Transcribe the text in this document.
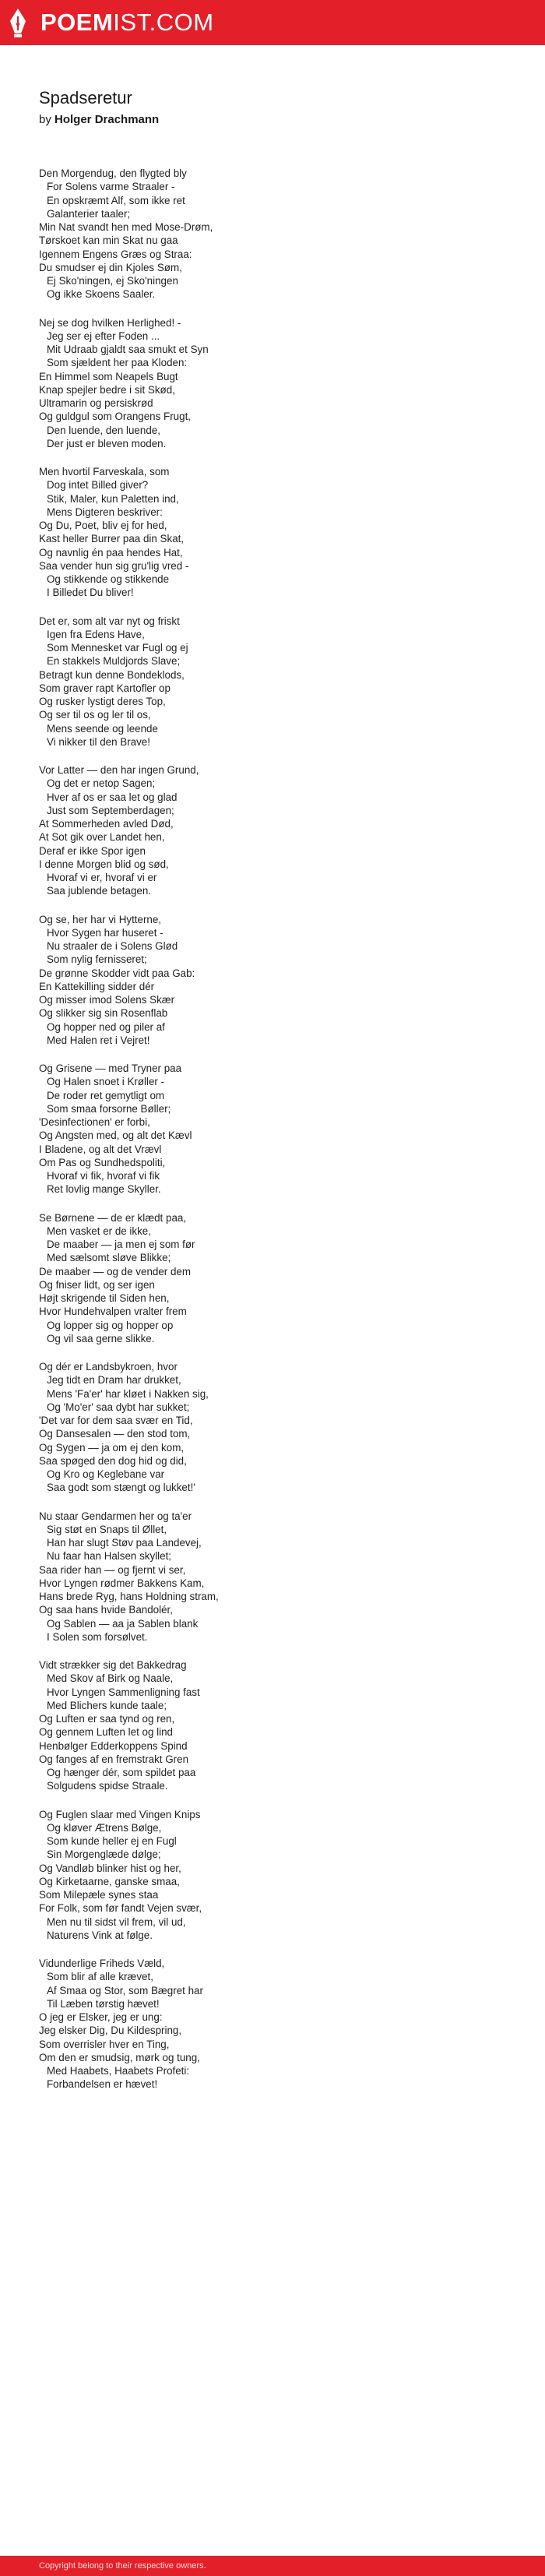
POEMIST.COM
Spadseretur
by Holger Drachmann
Den Morgendug, den flygted bly
For Solens varme Straaler -
En opskræmt Alf, som ikke ret
Galanterier taaler;
Min Nat svandt hen med Mose-Drøm,
Tørskoet kan min Skat nu gaa
Igennem Engens Græs og Straa:
Du smudser ej din Kjoles Søm,
Ej Sko'ningen, ej Sko'ningen
Og ikke Skoens Saaler.
Nej se dog hvilken Herlighed! -
Jeg ser ej efter Foden ...
Mit Udraab gjaldt saa smukt et Syn
Som sjældent her paa Kloden:
En Himmel som Neapels Bugt
Knap spejler bedre i sit Skød,
Ultramarin og persiskrød
Og guldgul som Orangens Frugt,
Den luende, den luende,
Der just er bleven moden.
Men hvortil Farveskala, som
Dog intet Billed giver?
Stik, Maler, kun Paletten ind,
Mens Digteren beskriver:
Og Du, Poet, bliv ej for hed,
Kast heller Burrer paa din Skat,
Og navnlig én paa hendes Hat,
Saa vender hun sig gru'lig vred -
Og stikkende og stikkende
I Billedet Du bliver!
Det er, som alt var nyt og friskt
Igen fra Edens Have,
Som Mennesket var Fugl og ej
En stakkels Muldjords Slave;
Betragt kun denne Bondeklods,
Som graver rapt Kartofler op
Og rusker lystigt deres Top,
Og ser til os og ler til os,
Mens seende og leende
Vi nikker til den Brave!
Vor Latter — den har ingen Grund,
Og det er netop Sagen;
Hver af os er saa let og glad
Just som Septemberdagen;
At Sommerheden avled Død,
At Sot gik over Landet hen,
Deraf er ikke Spor igen
I denne Morgen blid og sød,
Hvoraf vi er, hvoraf vi er
Saa jublende betagen.
Og se, her har vi Hytterne,
Hvor Sygen har huseret -
Nu straaler de i Solens Glød
Som nylig fernisseret;
De grønne Skodder vidt paa Gab:
En Kattekilling sidder dér
Og misser imod Solens Skær
Og slikker sig sin Rosenflab
Og hopper ned og piler af
Med Halen ret i Vejret!
Og Grisene — med Tryner paa
Og Halen snoet i Krøller -
De roder ret gemytligt om
Som smaa forsorne Bøller;
'Desinfectionen' er forbi,
Og Angsten med, og alt det Kævl
I Bladene, og alt det Vrævl
Om Pas og Sundhedspoliti,
Hvoraf vi fik, hvoraf vi fik
Ret lovlig mange Skyller.
Se Børnene — de er klædt paa,
Men vasket er de ikke,
De maaber — ja men ej som før
Med sælsomt sløve Blikke;
De maaber — og de vender dem
Og fniser lidt, og ser igen
Højt skrigende til Siden hen,
Hvor Hundehvalpen vralter frem
Og lopper sig og hopper op
Og vil saa gerne slikke.
Og dér er Landsbykroen, hvor
Jeg tidt en Dram har drukket,
Mens 'Fa'er' har kløet i Nakken sig,
Og 'Mo'er' saa dybt har sukket;
'Det var for dem saa svær en Tid,
Og Dansesalen — den stod tom,
Og Sygen — ja om ej den kom,
Saa spøged den dog hid og did,
Og Kro og Keglebane var
Saa godt som stængt og lukket!'
Nu staar Gendarmen her og ta'er
Sig støt en Snaps til Øllet,
Han har slugt Støv paa Landevej,
Nu faar han Halsen skyllet;
Saa rider han — og fjernt vi ser,
Hvor Lyngen rødmer Bakkens Kam,
Hans brede Ryg, hans Holdning stram,
Og saa hans hvide Bandolér,
Og Sablen — aa ja Sablen blank
I Solen som forsølvet.
Vidt strækker sig det Bakkedrag
Med Skov af Birk og Naale,
Hvor Lyngen Sammenligning fast
Med Blichers kunde taale;
Og Luften er saa tynd og ren,
Og gennem Luften let og lind
Henbølger Edderkoppens Spind
Og fanges af en fremstrakt Gren
Og hænger dér, som spildet paa
Solgudens spidse Straale.
Og Fuglen slaar med Vingen Knips
Og kløver Ætrens Bølge,
Som kunde heller ej en Fugl
Sin Morgenglæde dølge;
Og Vandløb blinker hist og her,
Og Kirketaarne, ganske smaa,
Som Milepæle synes staa
For Folk, som før fandt Vejen svær,
Men nu til sidst vil frem, vil ud,
Naturens Vink at følge.
Vidunderlige Friheds Væld,
Som blir af alle krævet,
Af Smaa og Stor, som Bægret har
Til Læben tørstig hævet!
O jeg er Elsker, jeg er ung:
Jeg elsker Dig, Du Kildespring,
Som overrisler hver en Ting,
Om den er smudsig, mørk og tung,
Med Haabets, Haabets Profeti:
Forbandelsen er hævet!
Copyright belong to their respective owners.
